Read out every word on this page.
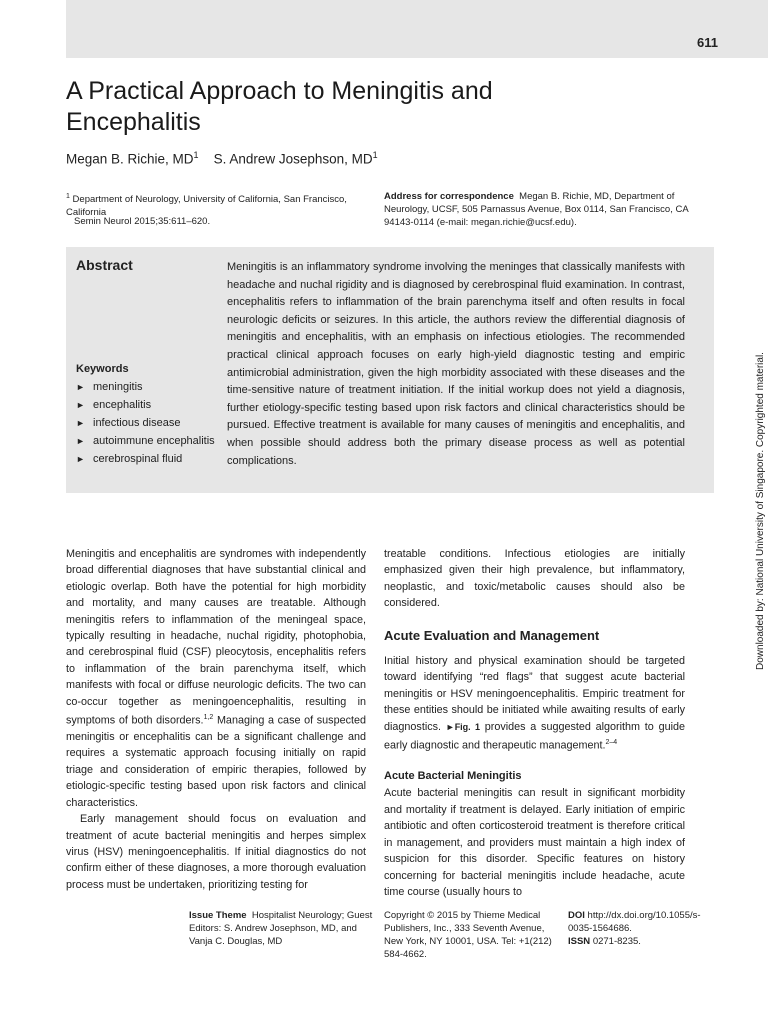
611
A Practical Approach to Meningitis and Encephalitis
Megan B. Richie, $MD^1$ S. Andrew Josephson, $MD^1$
$^1$ Department of Neurology, University of California, San Francisco, California
Semin Neurol 2015;35:611–620.
Address for correspondence Megan B. Richie, MD, Department of Neurology, UCSF, 505 Parnassus Avenue, Box 0114, San Francisco, CA 94143-0114 (e-mail: megan.richie@ucsf.edu).
Abstract	Meningitis is an inflammatory syndrome involving the meninges that classically manifests with headache and nuchal rigidity and is diagnosed by cerebrospinal fluid examination. In contrast, encephalitis refers to inflammation of the brain parenchyma itself and often results in focal neurologic deficits or seizures. In this article, the authors review the differential diagnosis of meningitis and encephalitis, with an emphasis on infectious etiologies. The recommended practical clinical approach focuses on early high-yield diagnostic testing and empiric antimicrobial administration, given the high morbidity associated with these diseases and the time-sensitive nature of treatment initiation. If the initial workup does not yield a diagnosis, further etiology-specific testing based upon risk factors and clinical characteristics should be pursued. Effective treatment is available for many causes of meningitis and encephalitis, and when possible should address both the primary disease process as well as potential complications.
Keywords
► meningitis
► encephalitis
► infectious disease
► autoimmune encephalitis
► cerebrospinal fluid

Meningitis and encephalitis are syndromes with independently broad differential diagnoses that have substantial clinical and etiologic overlap. Both have the potential for high morbidity and mortality, and many causes are treatable. Although meningitis refers to inflammation of the meningeal space, typically resulting in headache, nuchal rigidity, photophobia, and cerebrospinal fluid (CSF) pleocytosis, encephalitis refers to inflammation of the brain parenchyma itself, which manifests with focal or diffuse neurologic deficits. The two can co-occur together as meningoencephalitis, resulting in symptoms of both disorders.$^{1,2}$ Managing a case of suspected meningitis or encephalitis can be a significant challenge and requires a systematic approach focusing initially on rapid triage and consideration of empiric therapies, followed by etiologic-specific testing based upon risk factors and clinical characteristics.

Early management should focus on evaluation and treatment of acute bacterial meningitis and herpes simplex virus (HSV) meningoencephalitis. If initial diagnostics do not confirm either of these diagnoses, a more thorough evaluation process must be undertaken, prioritizing testing for

treatable conditions. Infectious etiologies are initially emphasized given their high prevalence, but inflammatory, neoplastic, and toxic/metabolic causes should also be considered.

Acute Evaluation and Management

Initial history and physical examination should be targeted toward identifying “red flags” that suggest acute bacterial meningitis or HSV meningoencephalitis. Empiric treatment for these entities should be initiated while awaiting results of early diagnostics. ►Fig. 1 provides a suggested algorithm to guide early diagnostic and therapeutic management.$^{2-4}$

Acute Bacterial Meningitis

Acute bacterial meningitis can result in significant morbidity and mortality if treatment is delayed. Early initiation of empiric antibiotic and often corticosteroid treatment is therefore critical in management, and providers must maintain a high index of suspicion for this disorder. Specific features on history concerning for bacterial meningitis include headache, acute time course (usually hours to

Downloaded by: National University of Singapore. Copyrighted material.
Issue Theme Hospitalist Neurology; Guest Editors: S. Andrew Josephson, MD, and Vanja C. Douglas, MD
Copyright © 2015 by Thieme Medical Publishers, Inc., 333 Seventh Avenue, New York, NY 10001, USA. Tel: +1(212) 584-4662.
DOI http://dx.doi.org/10.1055/s-0035-1564686.
ISSN 0271-8235.
